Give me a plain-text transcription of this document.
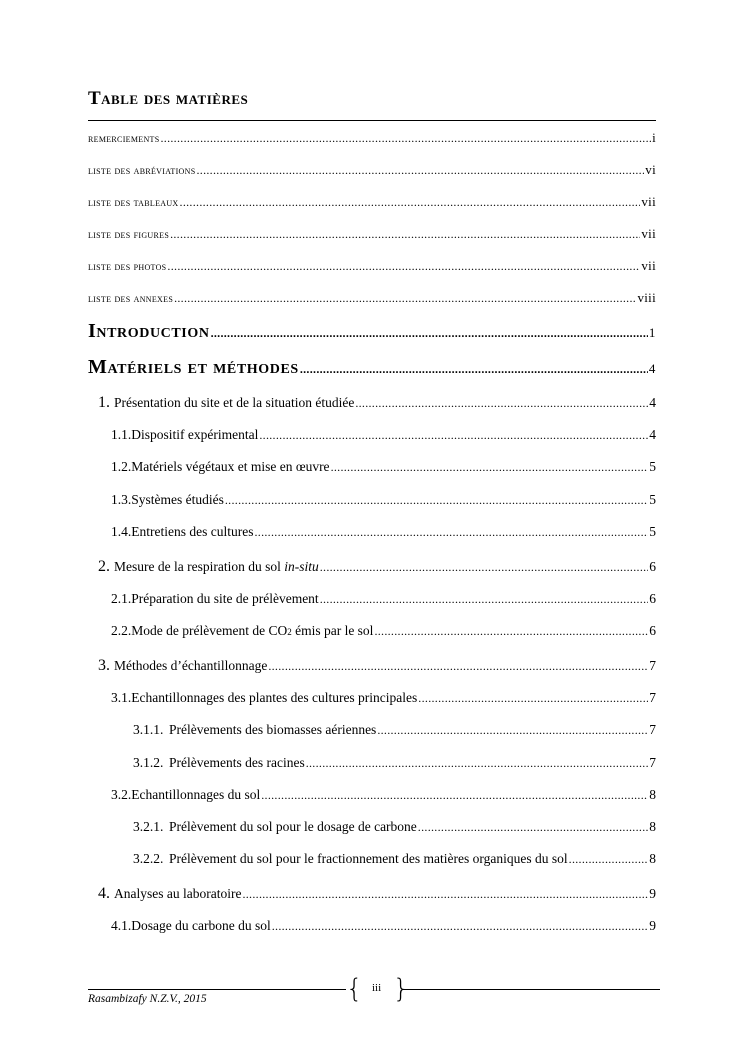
Table des matières
remerciements .....	i
liste des abréviations .....	vi
liste des tableaux .....	vii
liste des figures .....	vii
liste des photos .....	vii
liste des annexes .....	viii
Introduction .....	1
Matériels et méthodes .....	4
1. Présentation du site et de la situation étudiée .....	4
1.1. Dispositif expérimental .....	4
1.2. Matériels végétaux et mise en œuvre .....	5
1.3. Systèmes étudiés .....	5
1.4. Entretiens des cultures .....	5
2. Mesure de la respiration du sol
in-situ .....	6
2.1. Préparation du site de prélèvement .....	6
2.2. Mode de prélèvement de CO 2
émis par le sol .....	6
3. Méthodes d’échantillonnage .....	7
3.1. Echantillonnages des plantes des cultures principales .....	7
3.1.1. Prélèvements des biomasses aériennes .....	7
3.1.2. Prélèvements des racines .....	7
3.2. Echantillonnages du sol .....	8
3.2.1. Prélèvement du sol pour le dosage de carbone .....	8
3.2.2. Prélèvement du sol pour le fractionnement des matières organiques du sol .....	8
4. Analyses au laboratoire .....	9
4.1. Dosage du carbone du sol .....	9
{ }
iii
Rasambizafy N.Z.V., 2015
